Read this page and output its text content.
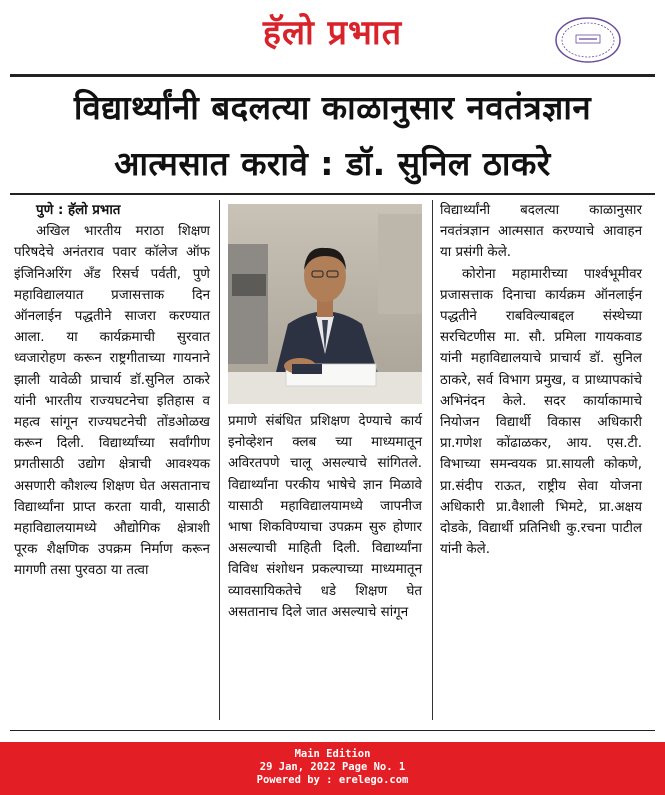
हॅलो प्रभात
विद्यार्थ्यांनी बदलत्या काळानुसार नवतंत्रज्ञान
आत्मसात करावे : डॉ. सुनिल ठाकरे

पुणे : हॅलो प्रभात

अखिल भारतीय मराठा शिक्षण परिषदेचे अनंतराव पवार कॉलेज ऑफ इंजिनिअरिंग अँड रिसर्च पर्वती, पुणे महाविद्यालयात प्रजासत्ताक दिन ऑनलाईन पद्धतीने साजरा करण्यात आला. या कार्यक्रमाची सुरवात ध्वजारोहण करून राष्ट्रगीताच्या गायनाने झाली यावेळी प्राचार्य डॉ.सुनिल ठाकरे यांनी भारतीय राज्यघटनेचा इतिहास व महत्व सांगून राज्यघटनेची तोंडओळख करून दिली. विद्यार्थ्यांच्या सर्वांगीण प्रगतीसाठी उद्योग क्षेत्राची आवश्यक असणारी कौशल्य शिक्षण घेत असतानाच विद्यार्थ्यांना प्राप्त करता यावी, यासाठी महाविद्यालयामध्ये औद्योगिक क्षेत्राशी पूरक शैक्षणिक उपक्रम निर्माण करून मागणी तसा पुरवठा या तत्वा

प्रमाणे संबंधित प्रशिक्षण देण्याचे कार्य इनोव्हेशन क्लब च्या माध्यमातून अविरतपणे चालू असल्याचे सांगितले. विद्यार्थ्यांना परकीय भाषेचे ज्ञान मिळावे यासाठी महाविद्यालयामध्ये जापनीज भाषा शिकविण्याचा उपक्रम सुरु होणार असल्याची माहिती दिली. विद्यार्थ्यांना विविध संशोधन प्रकल्पाच्या माध्यमातून व्यावसायिकतेचे धडे शिक्षण घेत असतानाच दिले जात असल्याचे सांगून

विद्यार्थ्यांनी बदलत्या काळानुसार नवतंत्रज्ञान आत्मसात करण्याचे आवाहन या प्रसंगी केले.

कोरोना महामारीच्या पार्श्वभूमीवर प्रजासत्ताक दिनाचा कार्यक्रम ऑनलाईन पद्धतीने राबविल्याबद्दल संस्थेच्या सरचिटणीस मा. सौ. प्रमिला गायकवाड यांनी महाविद्यालयाचे प्राचार्य डॉ. सुनिल ठाकरे, सर्व विभाग प्रमुख, व प्राध्यापकांचे अभिनंदन केले. सदर कार्याकामाचे नियोजन विद्यार्थी विकास अधिकारी प्रा.गणेश कोंढाळकर, आय. एस.टी. विभाच्या समन्वयक प्रा.सायली कोकणे, प्रा.संदीप राऊत, राष्ट्रीय सेवा योजना अधिकारी प्रा.वैशाली भिमटे, प्रा.अक्षय दोडके, विद्यार्थी प्रतिनिधी कु.रचना पाटील यांनी केले.

Main Edition
29 Jan, 2022 Page No. 1
Powered by : erelego.com
